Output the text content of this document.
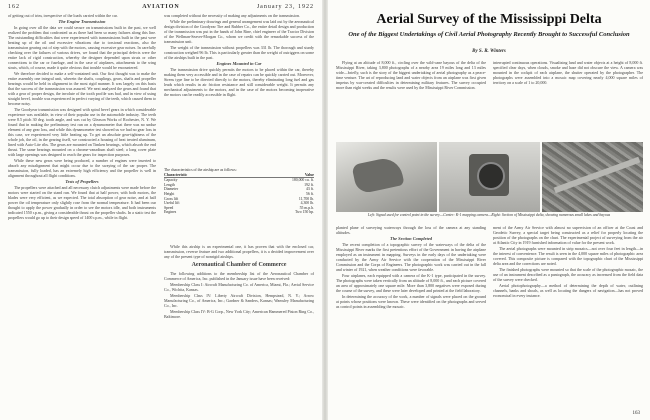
162	AVIATION	January 23, 1922

of getting out of trim, irrespective of the loads carried within the car.

The Engine Transmission

In going over all the data we could secure on transmissions built in the past, we well realized the problem that confronted us as there had been so many failures along this line. The outstanding difficulties that were experienced with transmissions built in the past were heating up of the oil and excessive vibrations due to torsional reactions, also the transmission gearing out of step with the motors, causing excessive gear noises. In carefully checking over the failures of various drives, we found that the principal defects were the entire lack of rigid construction, whereby the designer depended upon struts or other connections to the car or fuselage, and in the case of airplanes, attachments to the wing struts, which, of course, made it quite obvious that trouble would be encountered.

We therefore decided to make a self-contained unit. Our first thought was to make the entire assembly one integral unit, wherein the shafts, couplings, gears, shafts and propeller bearings would be held in alignment in the most rigid manner. It was largely on this basis that the success of the transmission was assured. We next analyzed the gears and found that with a gear of proper design, the involute of the tooth profile was bad, and in view of using straight bevel, trouble was experienced in perfect varying of the teeth, which caused them to become noisy.

The Goodyear transmission was designed with spiral bevel gears in which considerable experience was available, in view of their popular use in the automobile industry. The teeth were 8.5 pitch 30 deg. tooth angle, and was cut by Gleason Works of Rochester, N. Y. We found that in making the preliminary test run on a dynamometer that there was no undue element of any gear loss, and while this dynamometer test showed us we had no gear loss in this case, we experienced very little heating up. To get an absolute gear-tightness of the whole job, the oil, in the gearing itself, we constructed a housing of heat treated aluminum, lined with Auto-Lite ribs. The gears are mounted on Timken bearings, which absorb the end thrust. The same bearings mounted on a chrome-vanadium shaft steel; a long cover plate with large openings was designed to reach the gears for inspection purposes.

While these new gears were being produced, a number of engines were inserted to absorb any misalignment that might occur due to the swaying of the car proper. The transmission, fully loaded, has an extremely high efficiency and the propeller is well in alignment throughout all flight conditions.

Tests of Propellers

The propellers were attached and all necessary clutch adjustments were made before the motors were started on the stand run. We found that at half power, with both motors, the blades were very efficient, as we expected. The total absorption of gear noise, and at half power the oil temperature only slightly rose from the normal temperature. It had been our thought to apply the power gradually in order to see the motors idle, and both instruments indicated 1550 r.p.m., giving a considerable thrust on the propeller shafts. In a static test the propellers would go up to their design speed of 1400 r.p.m., while in flight.

was completed without the necessity of making any adjustments on the transmission.

While the preliminary drawings and general arrangement was laid out by the aeronautical design division of the Goodyear Tire and Rubber Co., the entire detail design and production of the transmission was put in the hands of John Rine, chief engineer of the Tractor Division of the Wellman-Seaver-Morgan Co., whom we credit with the remarkable success of the transmission unit.

The weight of the transmission without propellers was 331 lb. The thorough and sturdy construction weighed 96 lb. This is particularly greater than the weight of outriggers on some of the airships built in the past.

Engines Mounted in Car

The transmission drive quickly permits the motors to be placed within the car, thereby making them very accessible and in the case of repairs can be quickly carried out. Moreover, Sirens type line to be directed directly to the motors, thereby eliminating long fuel and gas leads which results in air friction resistance and still considerable weight. It permits any mechanical adjustments to the motors, and in the case of the motors becoming inoperative the motors can be readily accessible in flight.

The characteristics of the airship are as follows:
Characteristic	Value
Capacity	180,000 cu. ft.
Length	192 ft.
Diameter	43 ft.
Height	56 ft.
Gross lift	11,700 lb.
Useful lift	4,300 lb.
Speed	55 m.p.h.
Engines	Two 150 hp.

While this airship is an experimental one, it has proven that with the enclosed car, transmission, reverse feature and two additional propellers, it is a decided improvement over any of the present type of nonrigid airships.

Aeronautical Chamber of Commerce

The following additions to the membership list of the Aeronautical Chamber of Commerce of America, Inc. published in the January issue have been received:

Membership Class I: Aircraft Manufacturing Co. of America, Miami, Fla.; Aerial Service Co., Wichita, Kansas.

Membership Class IV: Liberty Aircraft Division, Hempstead, N. Y.; Arrow Manufacturing Co., of America, Inc.; Gardner & Sanders, Kansas; Wamsley Manufacturing Co., Inc.

Membership Class IV: B-G Corp., New York City; American Hammered Piston Ring Co., Baltimore.

Aerial Survey of the Mississippi Delta
One of the Biggest Undertakings of Civil Aerial Photography Recently Brought to Successful Conclusion
By S. R. Winters

Flying at an altitude of 8,000 ft., circling over the wild-cane bayous of the delta of the Mississippi River, taking 3,800 photographs of a nearby area 19 miles long and 13 miles wide—briefly, such is the story of the biggest undertaking of aerial photography as a peace-time venture. The art of reproducing land and water objects from an airplane was first given impetus by war-created difficulties in determining military features. The survey occupied more than eight weeks and the results were used by the Mississippi River Commission.

interrupted continuous operations. Visualizing land and water objects at a height of 8,000 ft. specified clear days, when clouds, smoke and haze did not obscure the view. A camera was mounted in the cockpit of each airplane, the shutter operated by the photographer. The photographs were assembled into a mosaic map covering nearly 4,000 square miles of territory on a scale of 1 to 20,000.

Left: Signal used for control point in the survey—Center: K-1 mapping camera—Right: Section of Mississippi delta, showing numerous small lakes and bayous

planted plane of surveying waterways through the loss of the camera at any standing altitudes.

The Section Completed

The recent completion of a topographic survey of the waterways of the delta of the Mississippi River marks the first pretentious effort of the Government in having the airplane employed as an instrument in mapping. Surveys in the early days of the undertaking were conducted by the Army Air Service with the cooperation of the Mississippi River Commission and the Corps of Engineers. The photographic work was carried out in the fall and winter of 1921, when weather conditions were favorable.

Four airplanes, each equipped with a camera of the K-1 type, participated in the survey. The photographs were taken vertically from an altitude of 8,000 ft., and each picture covered an area of approximately one square mile. More than 3,800 negatives were exposed during the course of the survey, and these were later developed and printed at the field laboratory.

In determining the accuracy of the work, a number of signals were placed on the ground at points whose positions were known. These were identified on the photographs and served as control points in assembling the mosaic.

ment of the Army Air Service with almost no supervision of an officer at the Coast and Geodetic Survey, a special target being constructed as a relief for properly locating the position of the photographs on the chart. The experimental project of surveying from the air at Atlantic City in 1919 furnished information of value for the present work.

The aerial photographs were mounted in strip mosaics—not over four feet in length—in the interest of convenience. The result is seen in the 4,000 square miles of photographic area covered. This composite picture is compared with the topographic chart of the Mississippi delta area and the corrections are noted.

The finished photographs were mounted so that the scale of the photographic mosaic, the use of an instrument described as a pantograph, the accuracy as increased from the field data of the survey were checked.

Aerial photophotography—a method of determining the depth of water, outlining channels, banks and shoals, as well as locating the dangers of navigation—has not proved economical in every instance.

163
